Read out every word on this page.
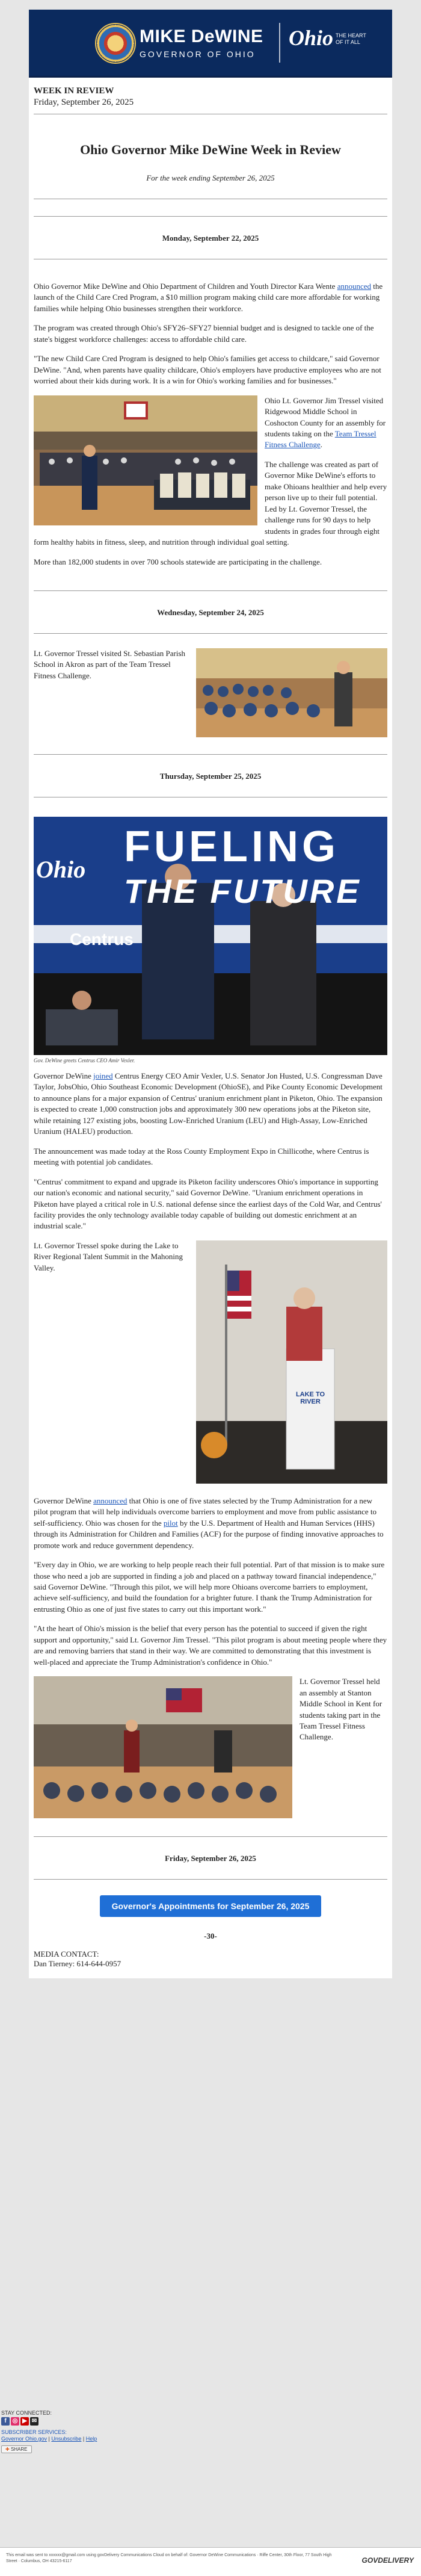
MIKE DeWINE
GOVERNOR OF OHIO
Ohio THE HEART OF IT ALL
WEEK IN REVIEW
Friday, September 26, 2025
Ohio Governor Mike DeWine Week in Review
For the week ending September 26, 2025
Monday, September 22, 2025

Ohio Governor Mike DeWine and Ohio Department of Children and Youth Director Kara Wente announced the launch of the Child Care Cred Program, a $10 million program making child care more affordable for working families while helping Ohio businesses strengthen their workforce.

The program was created through Ohio's SFY26–SFY27 biennial budget and is designed to tackle one of the state's biggest workforce challenges: access to affordable child care.

"The new Child Care Cred Program is designed to help Ohio's families get access to childcare," said Governor DeWine. "And, when parents have quality childcare, Ohio's employers have productive employees who are not worried about their kids during work. It is a win for Ohio's working families and for businesses."

Ohio Lt. Governor Jim Tressel visited Ridgewood Middle School in Coshocton County for an assembly for students taking on the Team Tressel Fitness Challenge.

The challenge was created as part of Governor Mike DeWine's efforts to make Ohioans healthier and help every person live up to their full potential. Led by Lt. Governor Tressel, the challenge runs for 90 days to help students in grades four through eight form healthy habits in fitness, sleep, and nutrition through individual goal setting.

More than 182,000 students in over 700 schools statewide are participating in the challenge.

Wednesday, September 24, 2025

Lt. Governor Tressel visited St. Sebastian Parish School in Akron as part of the Team Tressel Fitness Challenge.

Thursday, September 25, 2025
Ohio FUELING
THE FUTURE
Centrus
Gov. DeWine greets Centrus CEO Amir Vexler.

Governor DeWine joined Centrus Energy CEO Amir Vexler, U.S. Senator Jon Husted, U.S. Congressman Dave Taylor, JobsOhio, Ohio Southeast Economic Development (OhioSE), and Pike County Economic Development to announce plans for a major expansion of Centrus' uranium enrichment plant in Piketon, Ohio. The expansion is expected to create 1,000 construction jobs and approximately 300 new operations jobs at the Piketon site, while retaining 127 existing jobs, boosting Low-Enriched Uranium (LEU) and High-Assay, Low-Enriched Uranium (HALEU) production.

The announcement was made today at the Ross County Employment Expo in Chillicothe, where Centrus is meeting with potential job candidates.

"Centrus' commitment to expand and upgrade its Piketon facility underscores Ohio's importance in supporting our nation's economic and national security," said Governor DeWine. "Uranium enrichment operations in Piketon have played a critical role in U.S. national defense since the earliest days of the Cold War, and Centrus' facility provides the only technology available today capable of building out domestic enrichment at an industrial scale."

LAKE TO RIVER

Lt. Governor Tressel spoke during the Lake to River Regional Talent Summit in the Mahoning Valley.

Governor DeWine announced that Ohio is one of five states selected by the Trump Administration for a new pilot program that will help individuals overcome barriers to employment and move from public assistance to self-sufficiency. Ohio was chosen for the pilot by the U.S. Department of Health and Human Services (HHS) through its Administration for Children and Families (ACF) for the purpose of finding innovative approaches to promote work and reduce government dependency.

"Every day in Ohio, we are working to help people reach their full potential. Part of that mission is to make sure those who need a job are supported in finding a job and placed on a pathway toward financial independence," said Governor DeWine. "Through this pilot, we will help more Ohioans overcome barriers to employment, achieve self-sufficiency, and build the foundation for a brighter future. I thank the Trump Administration for entrusting Ohio as one of just five states to carry out this important work."

"At the heart of Ohio's mission is the belief that every person has the potential to succeed if given the right support and opportunity," said Lt. Governor Jim Tressel. "This pilot program is about meeting people where they are and removing barriers that stand in their way. We are committed to demonstrating that this investment is well-placed and appreciate the Trump Administration's confidence in Ohio."

Lt. Governor Tressel held an assembly at Stanton Middle School in Kent for students taking part in the Team Tressel Fitness Challenge.

Friday, September 26, 2025
Governor's Appointments for September 26, 2025
-30-
MEDIA CONTACT:
Dan Tierney: 614-644-0957
STAY CONNECTED:
f ◎ ▶ ✉
SUBSCRIBER SERVICES:
Governor Ohio.gov | Unsubscribe | Help
✚ SHARE
This email was sent to xxxxxx@gmail.com using govDelivery Communications Cloud on behalf of: Governor DeWine Communications · Riffe Center, 30th Floor, 77 South High Street · Columbus, OH 43215-6117	GOVDELIVERY
